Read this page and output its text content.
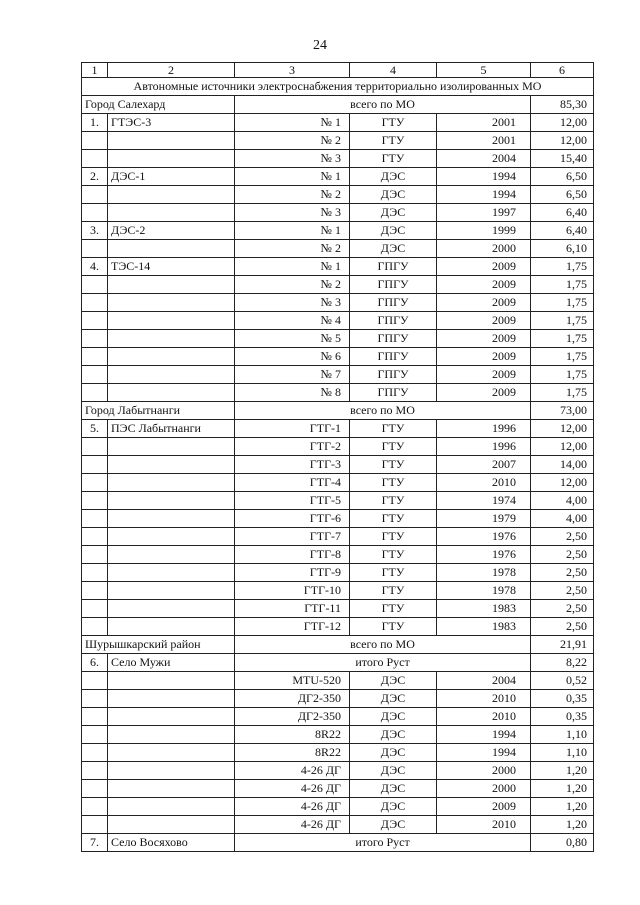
24
1	2	3	4	5	6
Автономные источники электроснабжения территориально изолированных МО					
Город Салехард		всего по МО			85,30
1.	ГТЭС-3	№ 1	ГТУ	2001	12,00
		№ 2	ГТУ	2001	12,00
		№ 3	ГТУ	2004	15,40
2.	ДЭС-1	№ 1	ДЭС	1994	6,50
		№ 2	ДЭС	1994	6,50
		№ 3	ДЭС	1997	6,40
3.	ДЭС-2	№ 1	ДЭС	1999	6,40
		№ 2	ДЭС	2000	6,10
4.	ТЭС-14	№ 1	ГПГУ	2009	1,75
		№ 2	ГПГУ	2009	1,75
		№ 3	ГПГУ	2009	1,75
		№ 4	ГПГУ	2009	1,75
		№ 5	ГПГУ	2009	1,75
		№ 6	ГПГУ	2009	1,75
		№ 7	ГПГУ	2009	1,75
		№ 8	ГПГУ	2009	1,75
Город Лабытнанги		всего по МО			73,00
5.	ПЭС Лабытнанги	ГТГ-1	ГТУ	1996	12,00
		ГТГ-2	ГТУ	1996	12,00
		ГТГ-3	ГТУ	2007	14,00
		ГТГ-4	ГТУ	2010	12,00
		ГТГ-5	ГТУ	1974	4,00
		ГТГ-6	ГТУ	1979	4,00
		ГТГ-7	ГТУ	1976	2,50
		ГТГ-8	ГТУ	1976	2,50
		ГТГ-9	ГТУ	1978	2,50
		ГТГ-10	ГТУ	1978	2,50
		ГТГ-11	ГТУ	1983	2,50
		ГТГ-12	ГТУ	1983	2,50
Шурышкарский район		всего по МО			21,91
6.	Село Мужи	итого Руст			8,22
		MTU-520	ДЭС	2004	0,52
		ДГ2-350	ДЭС	2010	0,35
		ДГ2-350	ДЭС	2010	0,35
		8R22	ДЭС	1994	1,10
		8R22	ДЭС	1994	1,10
		4-26 ДГ	ДЭС	2000	1,20
		4-26 ДГ	ДЭС	2000	1,20
		4-26 ДГ	ДЭС	2009	1,20
		4-26 ДГ	ДЭС	2010	1,20
7.	Село Восяхово	итого Руст			0,80
